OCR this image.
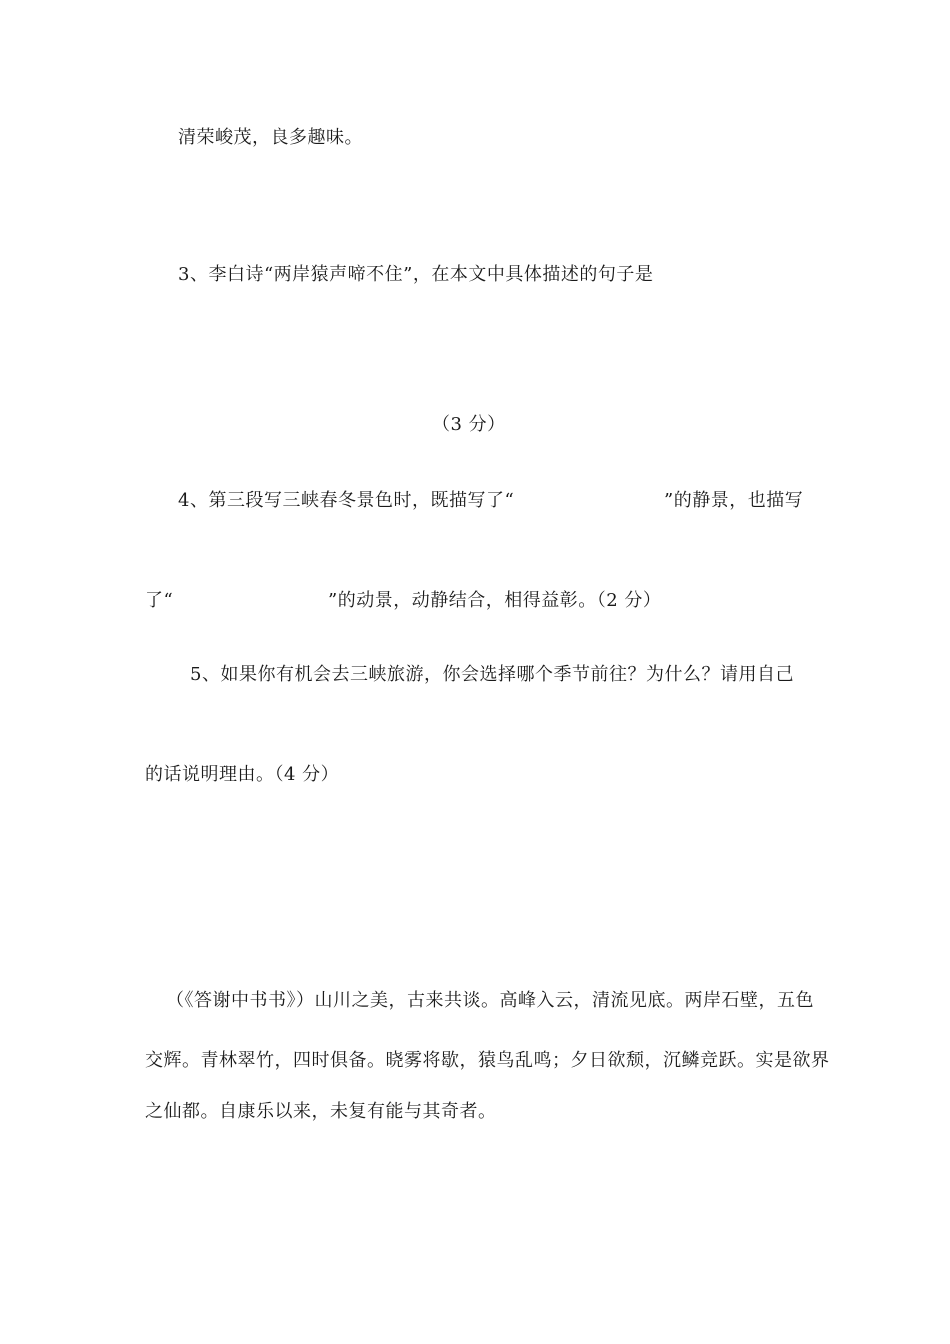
清荣峻茂，良多趣味。
3、李白诗“两岸猿声啼不住”，在本文中具体描述的句子是
（3 分）
4、第三段写三峡春冬景色时，既描写了“	”的静景，也描写
了“	”的动景，动静结合，相得益彰。（2 分）
5、如果你有机会去三峡旅游，你会选择哪个季节前往？为什么？请用自己
的话说明理由。（4 分）
（《答谢中书书》）山川之美，古来共谈。高峰入云，清流见底。两岸石壁，五色
交辉。青林翠竹，四时俱备。晓雾将歇，猿鸟乱鸣；夕日欲颓，沉鳞竞跃。实是欲界
之仙都。自康乐以来，未复有能与其奇者。
